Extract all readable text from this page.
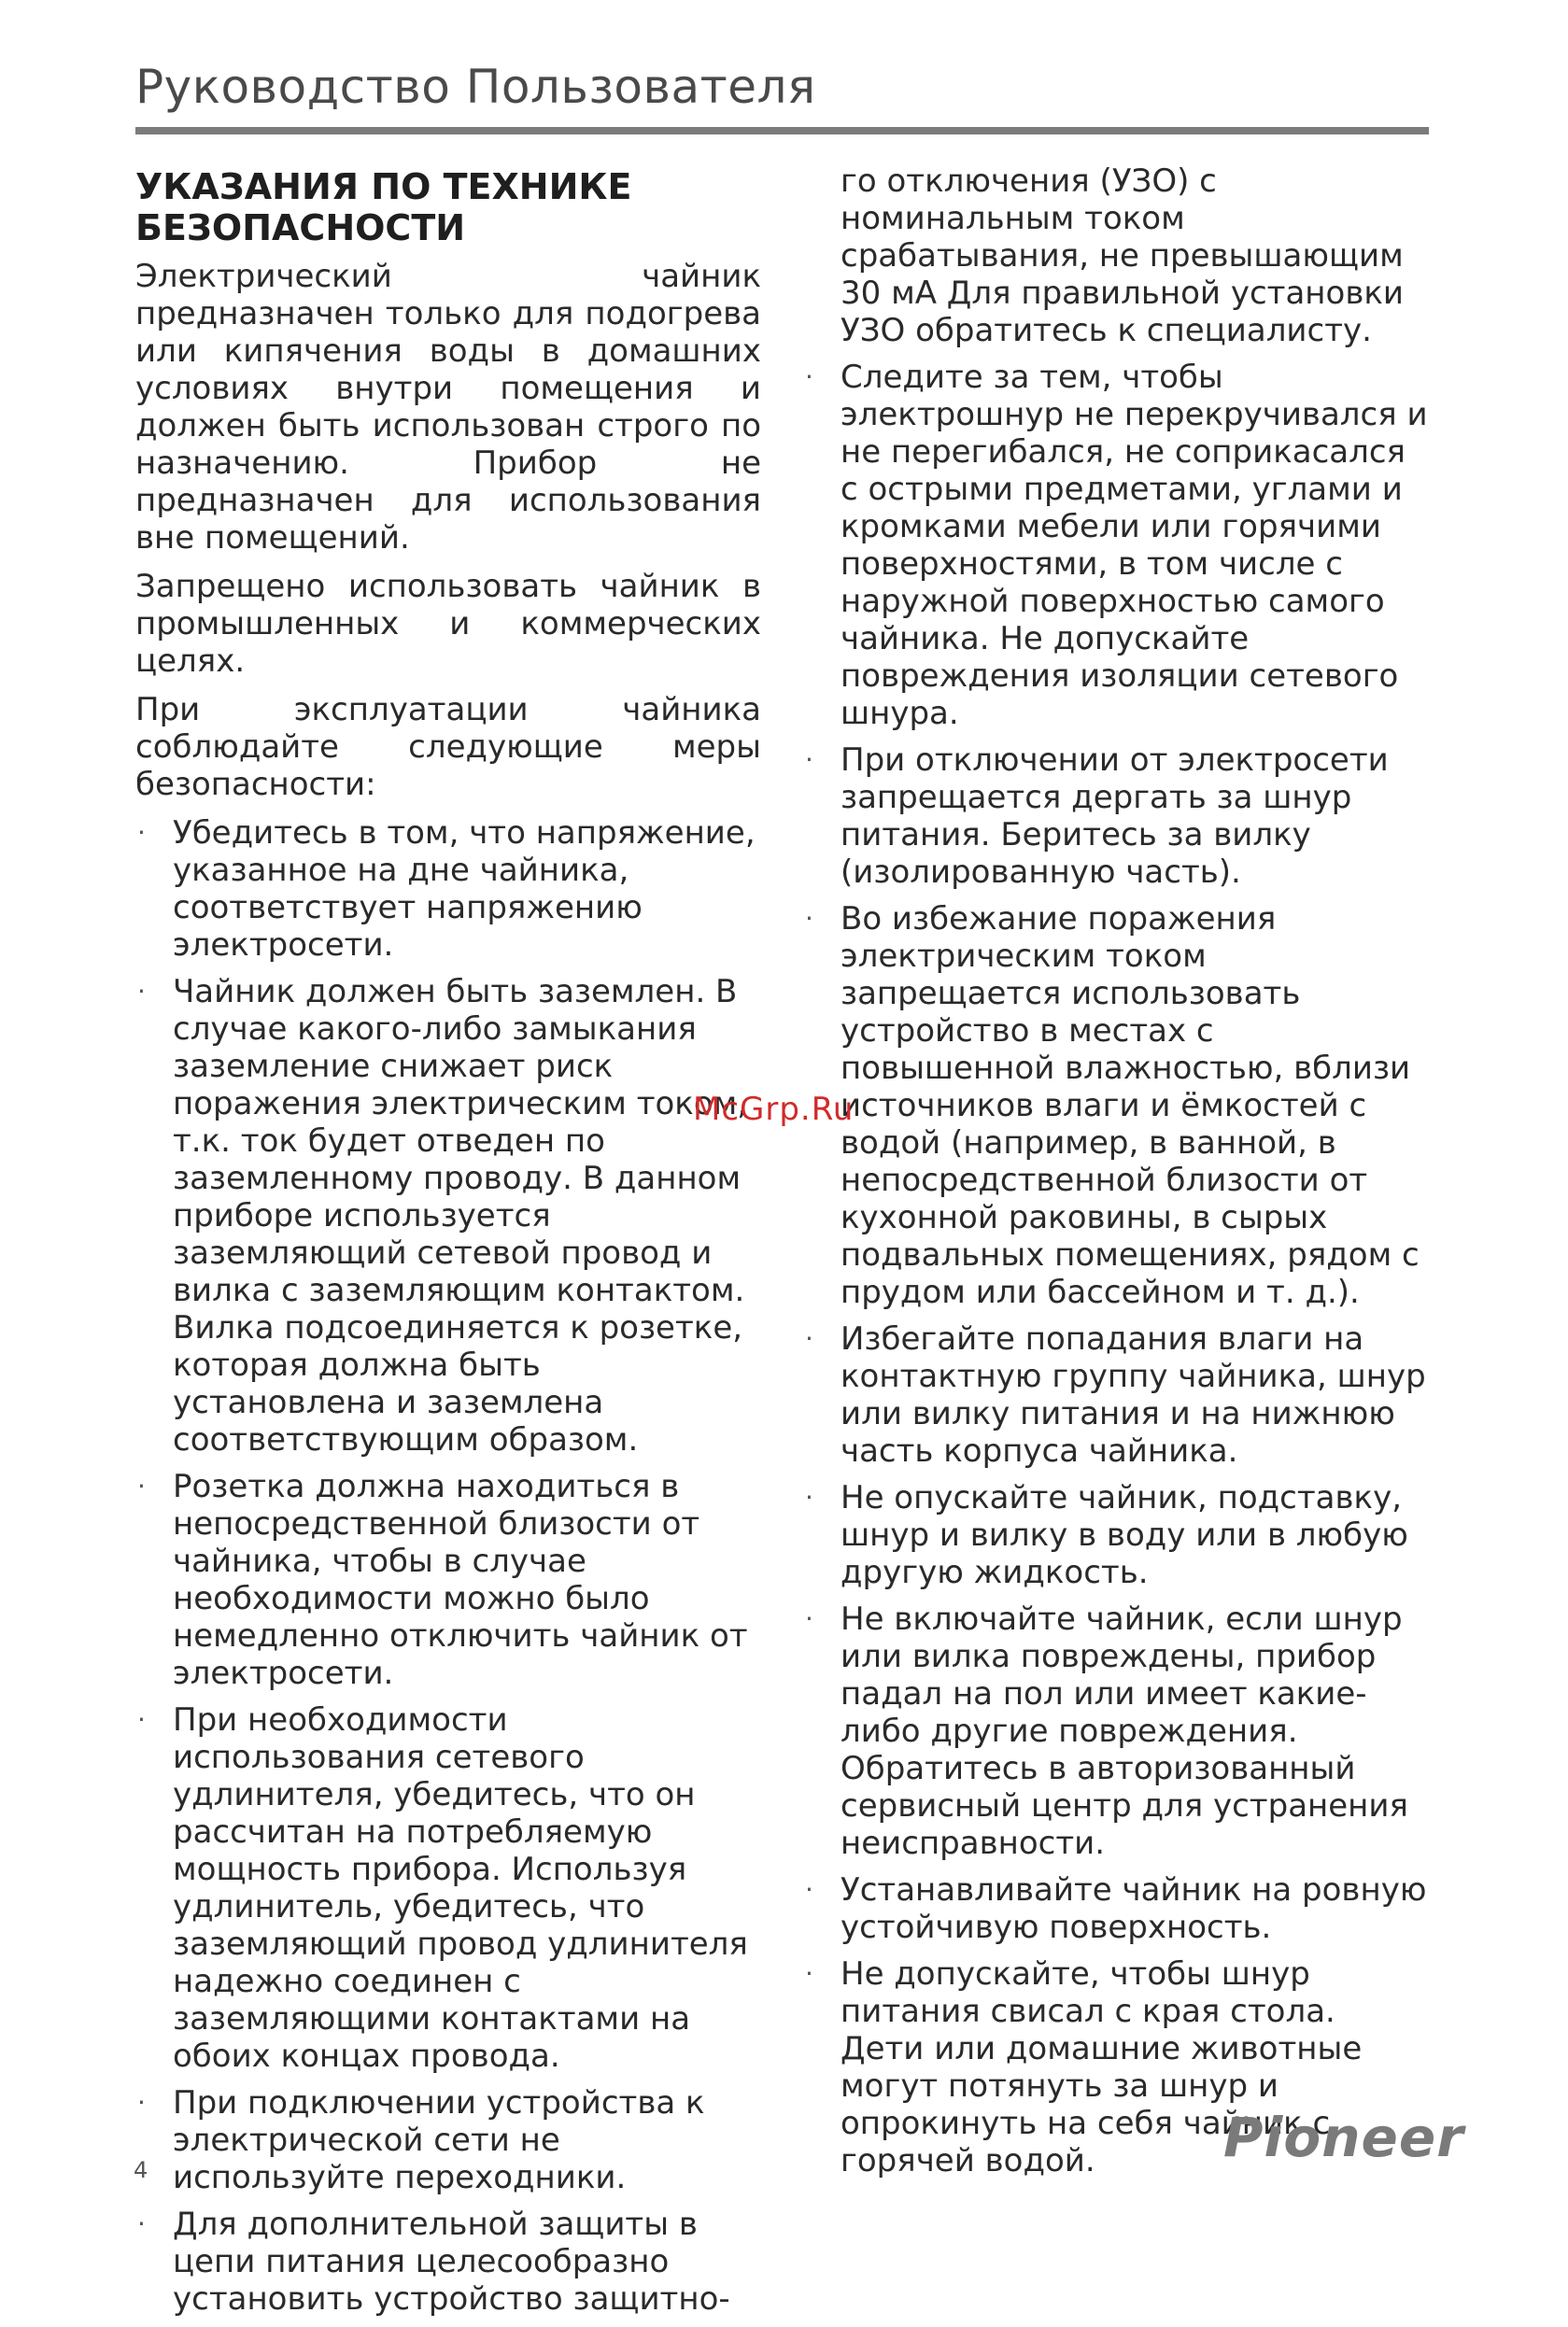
Руководство Пользователя
УКАЗАНИЯ ПО ТЕХНИКЕ
БЕЗОПАСНОСТИ

Электрический чайник предназначен только для подогрева или кипячения воды в домашних условиях внутри помещения и должен быть использован строго по назначению. Прибор не предназначен для использования вне помещений.

Запрещено использовать чайник в промышленных и коммерческих целях.

При эксплуатации чайника соблюдайте следующие меры безопасности:

· Убедитесь в том, что напряжение, указанное на дне чайника, соответствует напряжению электросети.
· Чайник должен быть заземлен. В случае какого-либо замыкания заземление снижает риск поражения электрическим током, т.к. ток будет отведен по заземленному проводу. В данном приборе используется заземляющий сетевой провод и вилка с заземляющим контактом. Вилка подсоединяется к розетке, которая должна быть установлена и заземлена соответствующим образом.
· Розетка должна находиться в непосредственной близости от чайника, чтобы в случае необходимости можно было немедленно отключить чайник от электросети.
· При необходимости использования сетевого удлинителя, убедитесь, что он рассчитан на потребляемую мощность прибора. Используя удлинитель, убедитесь, что заземляющий провод удлинителя надежно соединен с заземляющими контактами на обоих концах провода.
· При подключении устройства к электрической сети не используйте переходники.
· Для дополнительной защиты в цепи питания целесообразно установить устройство защитно-
го отключения (УЗО) с номинальным током срабатывания, не превышающим 30 мА Для правильной установки УЗО обратитесь к специалисту.
· Следите за тем, чтобы электрошнур не перекручивался и не перегибался, не соприкасался с острыми предметами, углами и кромками мебели или горячими поверхностями, в том числе с наружной поверхностью самого чайника. Не допускайте повреждения изоляции сетевого шнура.
· При отключении от электросети запрещается дергать за шнур питания. Беритесь за вилку (изолированную часть).
· Во избежание поражения электрическим током запрещается использовать устройство в местах с повышенной влажностью, вблизи источников влаги и ёмкостей с водой (например, в ванной, в непосредственной близости от кухонной раковины, в сырых подвальных помещениях, рядом с прудом или бассейном и т. д.).
· Избегайте попадания влаги на контактную группу чайника, шнур или вилку питания и на нижнюю часть корпуса чайника.
· Не опускайте чайник, подставку, шнур и вилку в воду или в любую другую жидкость.
· Не включайте чайник, если шнур или вилка повреждены, прибор падал на пол или имеет какие-либо другие повреждения. Обратитесь в авторизованный сервисный центр для устранения неисправности.
· Устанавливайте чайник на ровную устойчивую поверхность.
· Не допускайте, чтобы шнур питания свисал с края стола. Дети или домашние животные могут потянуть за шнур и опрокинуть на себя чайник с горячей водой.
McGrp.Ru
4
Pioneer
